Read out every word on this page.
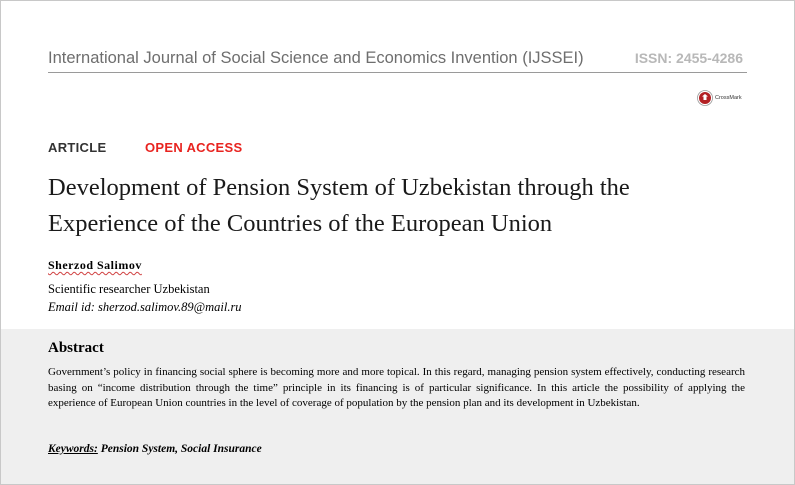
International Journal of Social Science and Economics Invention (IJSSEI)	ISSN: 2455-4286
CrossMark
ARTICLE	OPEN ACCESS
Development of Pension System of Uzbekistan through the
Experience of the Countries of the European Union
Sherzod Salimov
Scientific researcher Uzbekistan
Email id: sherzod.salimov.89@mail.ru
Abstract

Government’s policy in financing social sphere is becoming more and more topical. In this regard, managing pension system effectively, conducting research basing on “income distribution through the time” principle in its financing is of particular significance. In this article the possibility of applying the experience of European Union countries in the level of coverage of population by the pension plan and its development in Uzbekistan.

Keywords: Pension System, Social Insurance
